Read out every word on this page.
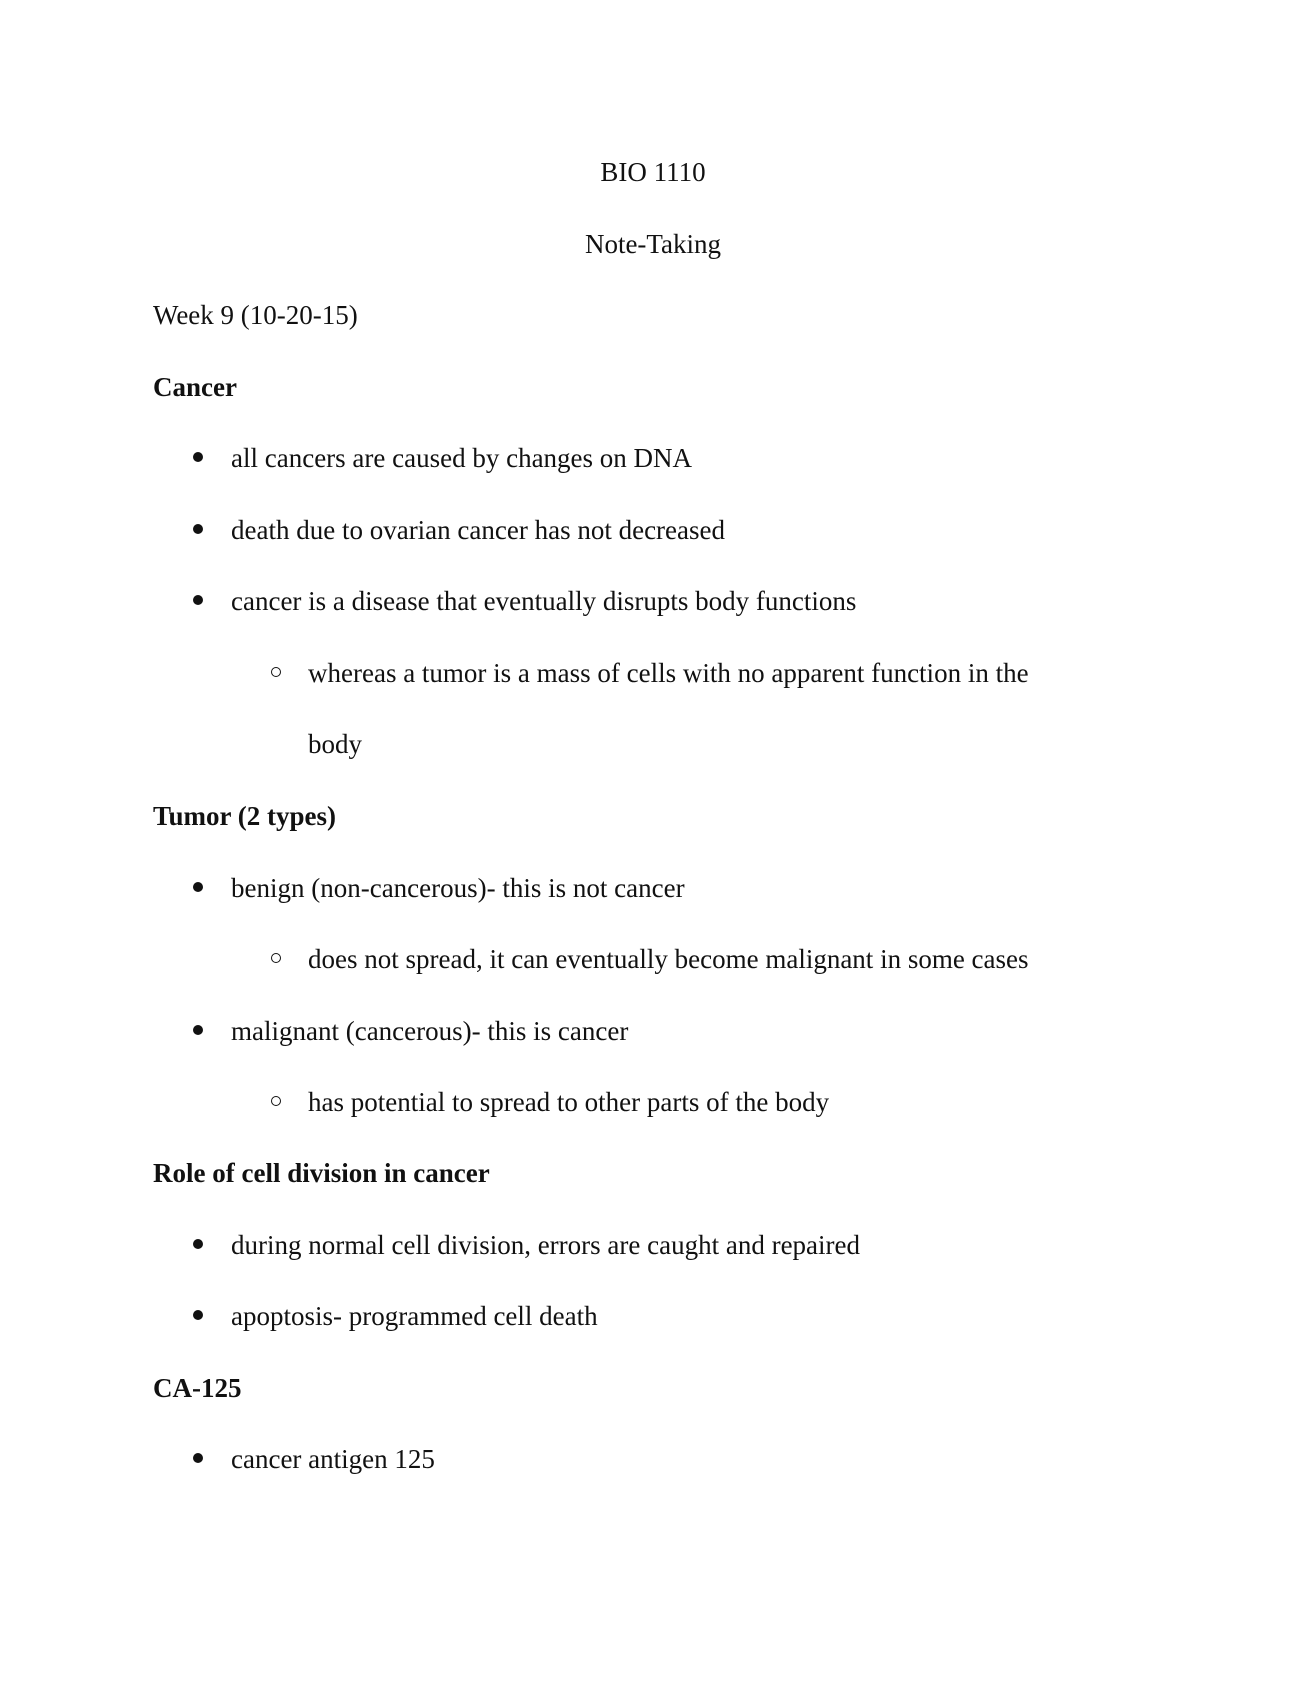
BIO 1110
Note-Taking
Week 9 (10-20-15)
Cancer
all cancers are caused by changes on DNA
death due to ovarian cancer has not decreased
cancer is a disease that eventually disrupts body functions
whereas a tumor is a mass of cells with no apparent function in the
body
Tumor (2 types)
benign (non-cancerous)- this is not cancer
does not spread, it can eventually become malignant in some cases
malignant (cancerous)- this is cancer
has potential to spread to other parts of the body
Role of cell division in cancer
during normal cell division, errors are caught and repaired
apoptosis- programmed cell death
CA-125
cancer antigen 125
